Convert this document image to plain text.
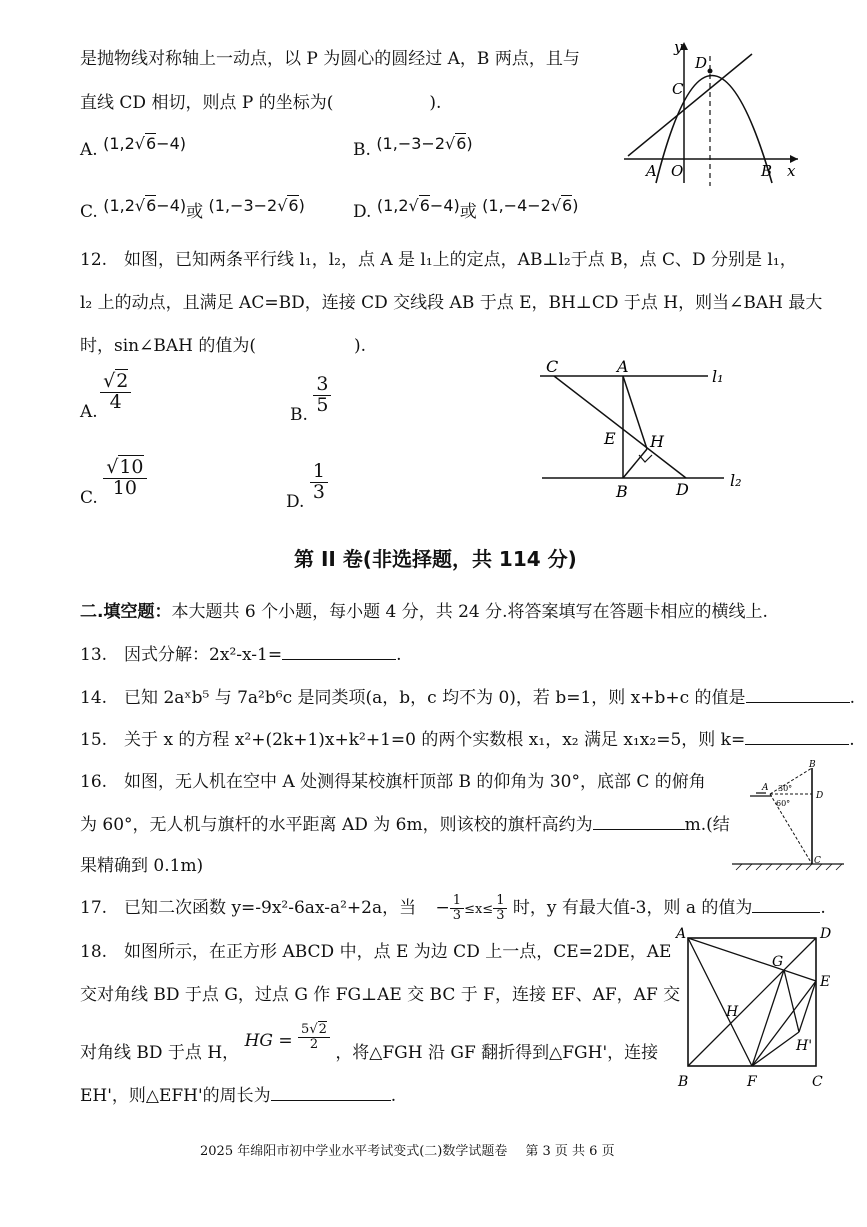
是抛物线对称轴上一动点，以 P 为圆心的圆经过 A，B 两点，且与
直线 CD 相切，则点 P 的坐标为(	).
A. (1,2√6−4)	B. (1,−3−2√6)
C. (1,2√6−4)或 (1,−3−2√6)	D. (1,2√6−4)或 (1,−4−2√6)
y
D
C
A O	B x
12.　如图，已知两条平行线 l₁，l₂，点 A 是 l₁上的定点，AB⊥l₂于点 B，点 C、D 分别是 l₁，
l₂ 上的动点，且满足 AC=BD，连接 CD 交线段 AB 于点 E，BH⊥CD 于点 H，则当∠BAH 最大
时，sin∠BAH 的值为(	).
A. $\frac{√2}{4}$
B. $\frac{3}{5}$
C. $\frac{√10}{10}$
D. $\frac{1}{3}$
C	A
l₁
E H
B	D	l₂
第 II 卷(非选择题，共 114 分)
二.填空题：本大题共 6 个小题，每小题 4 分，共 24 分.将答案填写在答题卡相应的横线上.
13.　因式分解：2x²-x-1=	.
14.　已知 2aˣb⁵ 与 7a²b⁶c 是同类项(a，b，c 均不为 0)，若 b=1，则 x+b+c 的值是	.
15.　关于 x 的方程 x²+(2k+1)x+k²+1=0 的两个实数根 x₁，x₂ 满足 x₁x₂=5，则 k=	.
16.　如图，无人机在空中 A 处测得某校旗杆顶部 B 的仰角为 30°，底部 C 的俯角
为 60°，无人机与旗杆的水平距离 AD 为 6m，则该校的旗杆高约为	m.(结
果精确到 0.1m)
A
B
D
C
30°
60°
17.　已知二次函数 y=-9x²-6ax-a²+2a，当 − $\frac{1}{3} \le x\le \frac{1}{3}$ 时，y 有最大值-3，则 a 的值为	.
18.　如图所示，在正方形 ABCD 中，点 E 为边 CD 上一点，CE=2DE，AE
交对角线 BD 于点 G，过点 G 作 FG⊥AE 交 BC 于 F，连接 EF、AF，AF 交
对角线 BD 于点 H， HG = $\frac{5√2}{2}$
，将△FGH 沿 GF 翻折得到△FGH'，连接
EH'，则△EFH'的周长为	.
A	D
G
E
H
H'
B	F	C
2025 年绵阳市初中学业水平考试变式(二)数学试题卷 第 3 页 共 6 页
